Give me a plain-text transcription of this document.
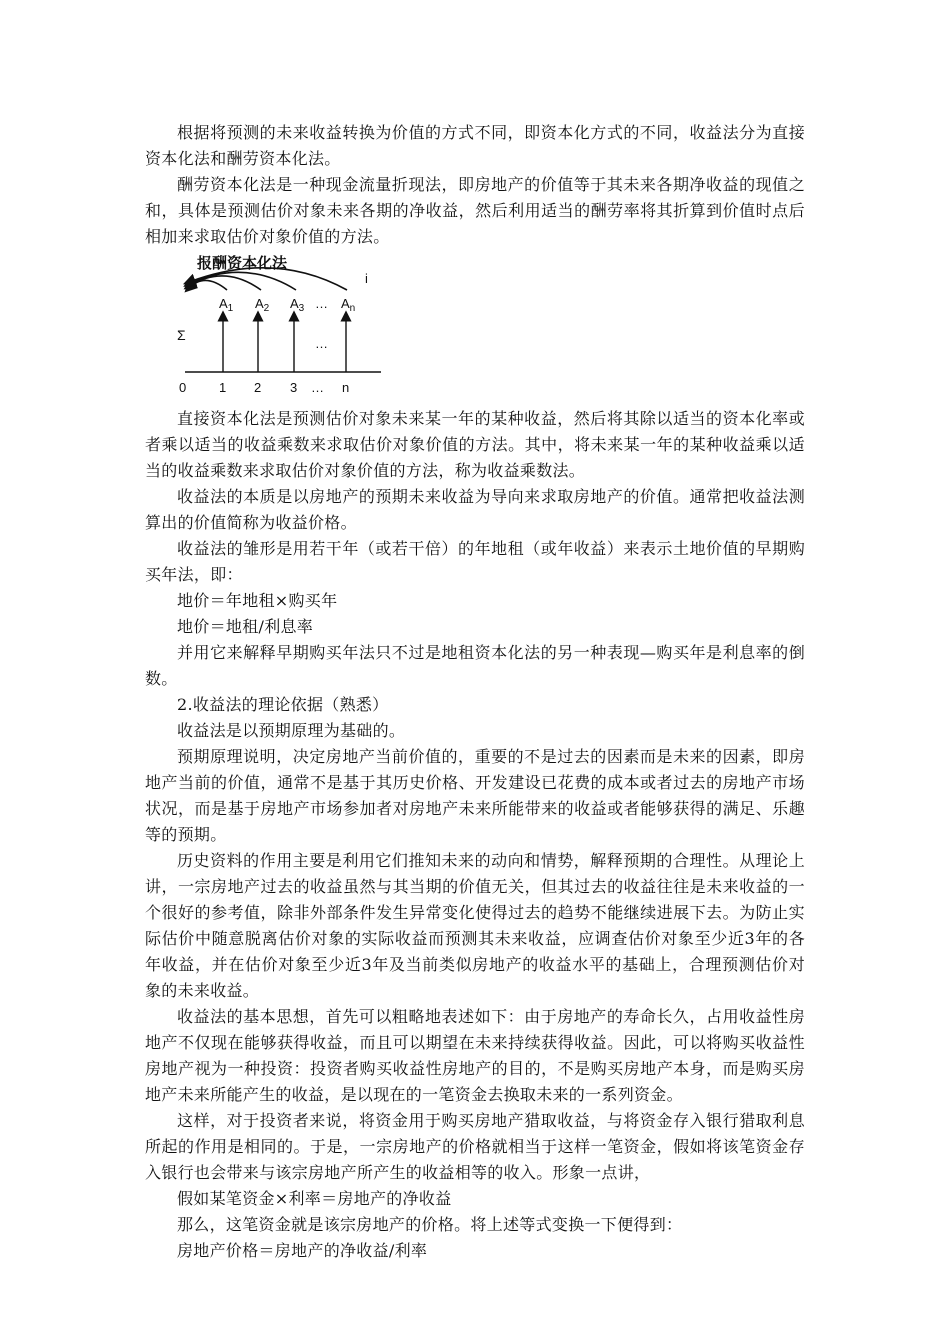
根据将预测的未来收益转换为价值的方式不同，即资本化方式的不同，收益法分为直接资本化法和酬劳资本化法。

酬劳资本化法是一种现金流量折现法，即房地产的价值等于其未来各期净收益的现值之和，具体是预测估价对象未来各期的净收益，然后利用适当的酬劳率将其折算到价值时点后相加来求取估价对象价值的方法。

报酬资本化法
i
$A_1$ $A_2$ $A_3$ … $A_n$
Σ
…
0	1 2 3 … n

直接资本化法是预测估价对象未来某一年的某种收益，然后将其除以适当的资本化率或者乘以适当的收益乘数来求取估价对象价值的方法。其中，将未来某一年的某种收益乘以适当的收益乘数来求取估价对象价值的方法，称为收益乘数法。

收益法的本质是以房地产的预期未来收益为导向来求取房地产的价值。通常把收益法测算出的价值简称为收益价格。

收益法的雏形是用若干年（或若干倍）的年地租（或年收益）来表示土地价值的早期购买年法，即：

地价＝年地租×购买年

地价＝地租/利息率

并用它来解释早期购买年法只不过是地租资本化法的另一种表现—购买年是利息率的倒数。

2.收益法的理论依据（熟悉）

收益法是以预期原理为基础的。

预期原理说明，决定房地产当前价值的，重要的不是过去的因素而是未来的因素，即房地产当前的价值，通常不是基于其历史价格、开发建设已花费的成本或者过去的房地产市场状况，而是基于房地产市场参加者对房地产未来所能带来的收益或者能够获得的满足、乐趣等的预期。

历史资料的作用主要是利用它们推知未来的动向和情势，解释预期的合理性。从理论上讲，一宗房地产过去的收益虽然与其当期的价值无关，但其过去的收益往往是未来收益的一个很好的参考值，除非外部条件发生异常变化使得过去的趋势不能继续进展下去。为防止实际估价中随意脱离估价对象的实际收益而预测其未来收益，应调查估价对象至少近3年的各年收益，并在估价对象至少近3年及当前类似房地产的收益水平的基础上，合理预测估价对象的未来收益。

收益法的基本思想，首先可以粗略地表述如下：由于房地产的寿命长久，占用收益性房地产不仅现在能够获得收益，而且可以期望在未来持续获得收益。因此，可以将购买收益性房地产视为一种投资：投资者购买收益性房地产的目的，不是购买房地产本身，而是购买房地产未来所能产生的收益，是以现在的一笔资金去换取未来的一系列资金。

这样，对于投资者来说，将资金用于购买房地产猎取收益，与将资金存入银行猎取利息所起的作用是相同的。于是，一宗房地产的价格就相当于这样一笔资金，假如将该笔资金存入银行也会带来与该宗房地产所产生的收益相等的收入。形象一点讲，

假如某笔资金×利率＝房地产的净收益

那么，这笔资金就是该宗房地产的价格。将上述等式变换一下便得到：

房地产价格＝房地产的净收益/利率
